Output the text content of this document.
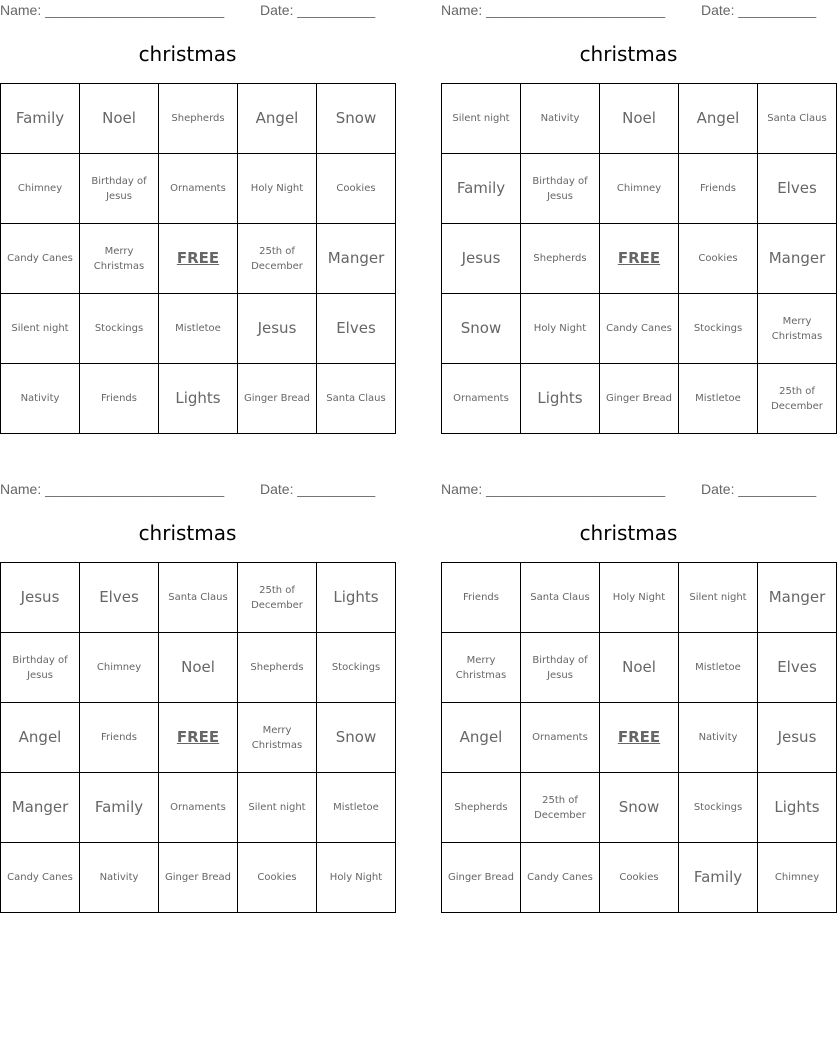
Name: _______________________	Date: __________
christmas
Family	Noel	Shepherds	Angel	Snow
Chimney	Birthday of Jesus	Ornaments	Holy Night	Cookies
Candy Canes	Merry Christmas	FREE	25th of December	Manger
Silent night	Stockings	Mistletoe	Jesus	Elves
Nativity	Friends	Lights	Ginger Bread	Santa Claus
Name: _______________________	Date: __________
christmas
Silent night	Nativity	Noel	Angel	Santa Claus
Family	Birthday of Jesus	Chimney	Friends	Elves
Jesus	Shepherds	FREE	Cookies	Manger
Snow	Holy Night	Candy Canes	Stockings	Merry Christmas
Ornaments	Lights	Ginger Bread	Mistletoe	25th of December
Name: _______________________	Date: __________
christmas
Jesus	Elves	Santa Claus	25th of December	Lights
Birthday of Jesus	Chimney	Noel	Shepherds	Stockings
Angel	Friends	FREE	Merry Christmas	Snow
Manger	Family	Ornaments	Silent night	Mistletoe
Candy Canes	Nativity	Ginger Bread	Cookies	Holy Night
Name: _______________________	Date: __________
christmas
Friends	Santa Claus	Holy Night	Silent night	Manger
Merry Christmas	Birthday of Jesus	Noel	Mistletoe	Elves
Angel	Ornaments	FREE	Nativity	Jesus
Shepherds	25th of December	Snow	Stockings	Lights
Ginger Bread	Candy Canes	Cookies	Family	Chimney
